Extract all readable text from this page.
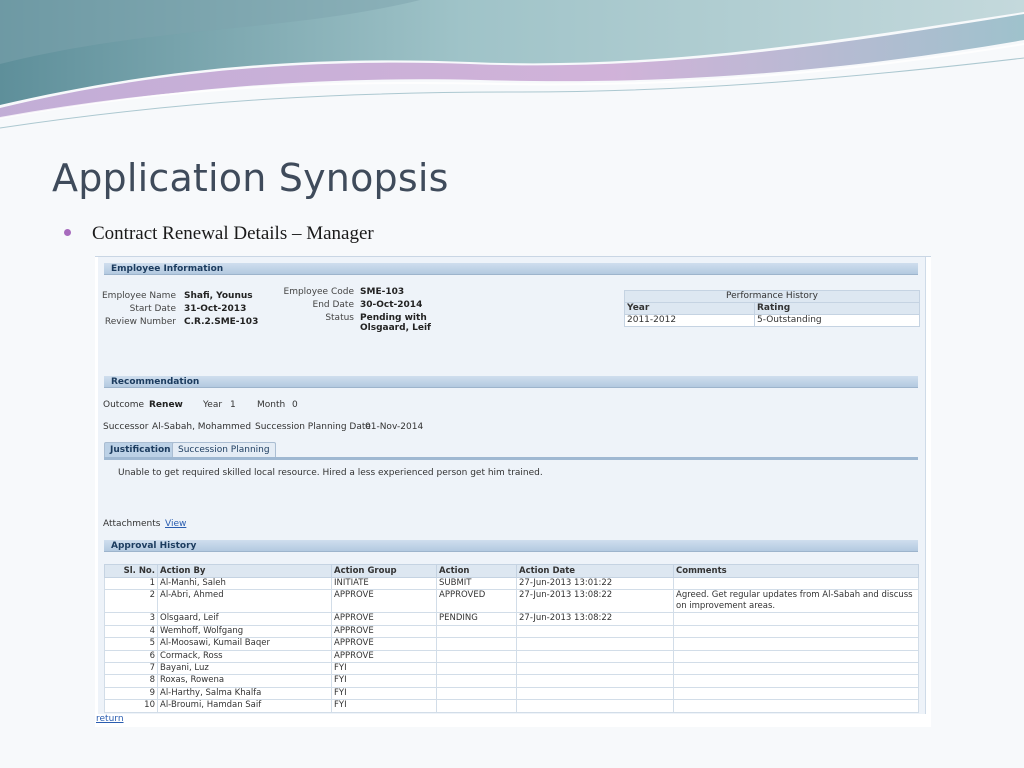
Application Synopsis
Contract Renewal Details – Manager
Employee Information
Employee Name Shafi, Younus
Start Date 31-Oct-2013
Review Number C.R.2.SME-103
Employee Code SME-103
End Date 30-Oct-2014
Status Pending with
Olsgaard, Leif
Performance History	
Year	Rating
2011-2012	5-Outstanding
Recommendation
Outcome Renew Year 1 Month 0
Successor Al-Sabah, Mohammed Succession Planning Date
01-Nov-2014
Justification Succession Planning
Unable to get required skilled local resource. Hired a less experienced person get him trained.
Attachments View
Approval History
Sl. No.	Action By	Action Group	Action	Action Date	Comments
1	Al-Manhi, Saleh	INITIATE	SUBMIT	27-Jun-2013 13:01:22	
2	Al-Abri, Ahmed	APPROVE	APPROVED	27-Jun-2013 13:08:22	Agreed. Get regular updates from Al-Sabah and discuss on improvement areas.
3	Olsgaard, Leif	APPROVE	PENDING	27-Jun-2013 13:08:22	
4	Wemhoff, Wolfgang	APPROVE			
5	Al-Moosawi, Kumail Baqer	APPROVE			
6	Cormack, Ross	APPROVE			
7	Bayani, Luz	FYI			
8	Roxas, Rowena	FYI			
9	Al-Harthy, Salma Khalfa	FYI			
10	Al-Broumi, Hamdan Saif	FYI			
return
